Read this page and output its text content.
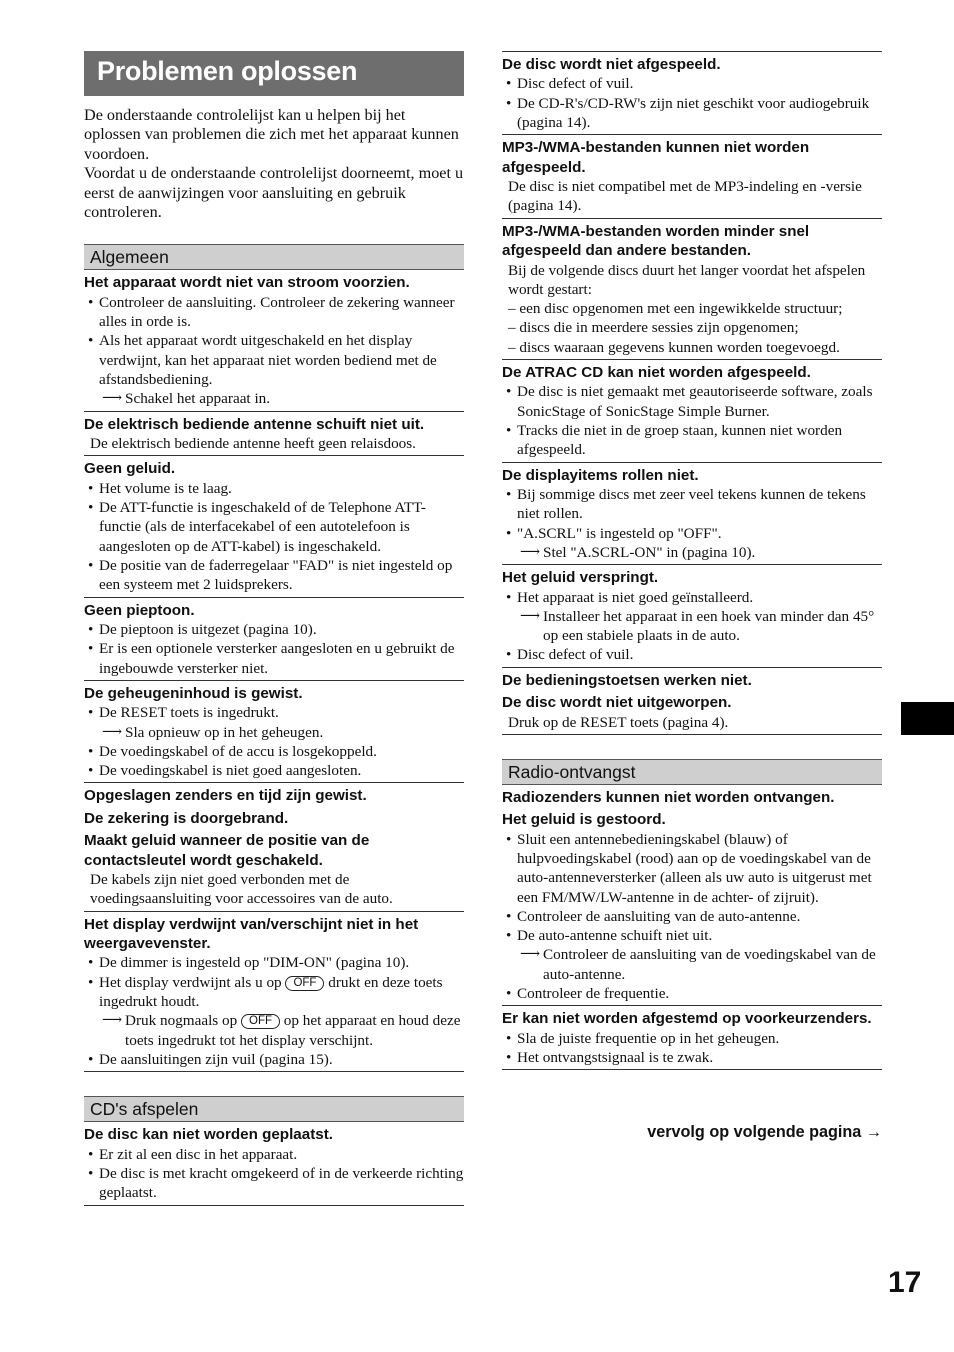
Problemen oplossen

De onderstaande controlelijst kan u helpen bij het oplossen van problemen die zich met het apparaat kunnen voordoen.

Voordat u de onderstaande controlelijst doorneemt, moet u eerst de aanwijzingen voor aansluiting en gebruik controleren.

Algemeen
Het apparaat wordt niet van stroom voorzien.
• Controleer de aansluiting. Controleer de zekering wanneer alles in orde is.
• Als het apparaat wordt uitgeschakeld en het display verdwijnt, kan het apparaat niet worden bediend met de afstandsbediening.
⟶ Schakel het apparaat in.
De elektrisch bediende antenne schuift niet uit.
De elektrisch bediende antenne heeft geen relaisdoos.
Geen geluid.
• Het volume is te laag.
• De ATT-functie is ingeschakeld of de Telephone ATT-functie (als de interfacekabel of een autotelefoon is aangesloten op de ATT-kabel) is ingeschakeld.
• De positie van de faderregelaar "FAD" is niet ingesteld op een systeem met 2 luidsprekers.
Geen pieptoon.
• De pieptoon is uitgezet (pagina 10).
• Er is een optionele versterker aangesloten en u gebruikt de ingebouwde versterker niet.
De geheugeninhoud is gewist.
• De RESET toets is ingedrukt.
⟶ Sla opnieuw op in het geheugen.
• De voedingskabel of de accu is losgekoppeld.
• De voedingskabel is niet goed aangesloten.
Opgeslagen zenders en tijd zijn gewist.
De zekering is doorgebrand.
Maakt geluid wanneer de positie van de contactsleutel wordt geschakeld.
De kabels zijn niet goed verbonden met de voedingsaansluiting voor accessoires van de auto.
Het display verdwijnt van/verschijnt niet in het weergavevenster.
• De dimmer is ingesteld op "DIM-ON" (pagina 10).
• Het display verdwijnt als u op OFF drukt en deze toets ingedrukt houdt.
⟶ Druk nogmaals op OFF op het apparaat en houd deze toets ingedrukt tot het display verschijnt.
• De aansluitingen zijn vuil (pagina 15).
CD's afspelen
De disc kan niet worden geplaatst.
• Er zit al een disc in het apparaat.
• De disc is met kracht omgekeerd of in de verkeerde richting geplaatst.
De disc wordt niet afgespeeld.
• Disc defect of vuil.
• De CD-R's/CD-RW's zijn niet geschikt voor audiogebruik (pagina 14).
MP3-/WMA-bestanden kunnen niet worden afgespeeld.
De disc is niet compatibel met de MP3-indeling en -versie (pagina 14).
MP3-/WMA-bestanden worden minder snel afgespeeld dan andere bestanden.
Bij de volgende discs duurt het langer voordat het afspelen wordt gestart:
– een disc opgenomen met een ingewikkelde structuur;
– discs die in meerdere sessies zijn opgenomen;
– discs waaraan gegevens kunnen worden toegevoegd.
De ATRAC CD kan niet worden afgespeeld.
• De disc is niet gemaakt met geautoriseerde software, zoals SonicStage of SonicStage Simple Burner.
• Tracks die niet in de groep staan, kunnen niet worden afgespeeld.
De displayitems rollen niet.
• Bij sommige discs met zeer veel tekens kunnen de tekens niet rollen.
• "A.SCRL" is ingesteld op "OFF".
⟶ Stel "A.SCRL-ON" in (pagina 10).
Het geluid verspringt.
• Het apparaat is niet goed geïnstalleerd.
⟶ Installeer het apparaat in een hoek van minder dan 45° op een stabiele plaats in de auto.
• Disc defect of vuil.
De bedieningstoetsen werken niet.
De disc wordt niet uitgeworpen.
Druk op de RESET toets (pagina 4).
Radio-ontvangst
Radiozenders kunnen niet worden ontvangen.
Het geluid is gestoord.
• Sluit een antennebedieningskabel (blauw) of hulpvoedingskabel (rood) aan op de voedingskabel van de auto-antenneversterker (alleen als uw auto is uitgerust met een FM/MW/LW-antenne in de achter- of zijruit).
• Controleer de aansluiting van de auto-antenne.
• De auto-antenne schuift niet uit.
⟶ Controleer de aansluiting van de voedingskabel van de auto-antenne.
• Controleer de frequentie.
Er kan niet worden afgestemd op voorkeurzenders.
• Sla de juiste frequentie op in het geheugen.
• Het ontvangstsignaal is te zwak.
vervolg op volgende pagina →
17
